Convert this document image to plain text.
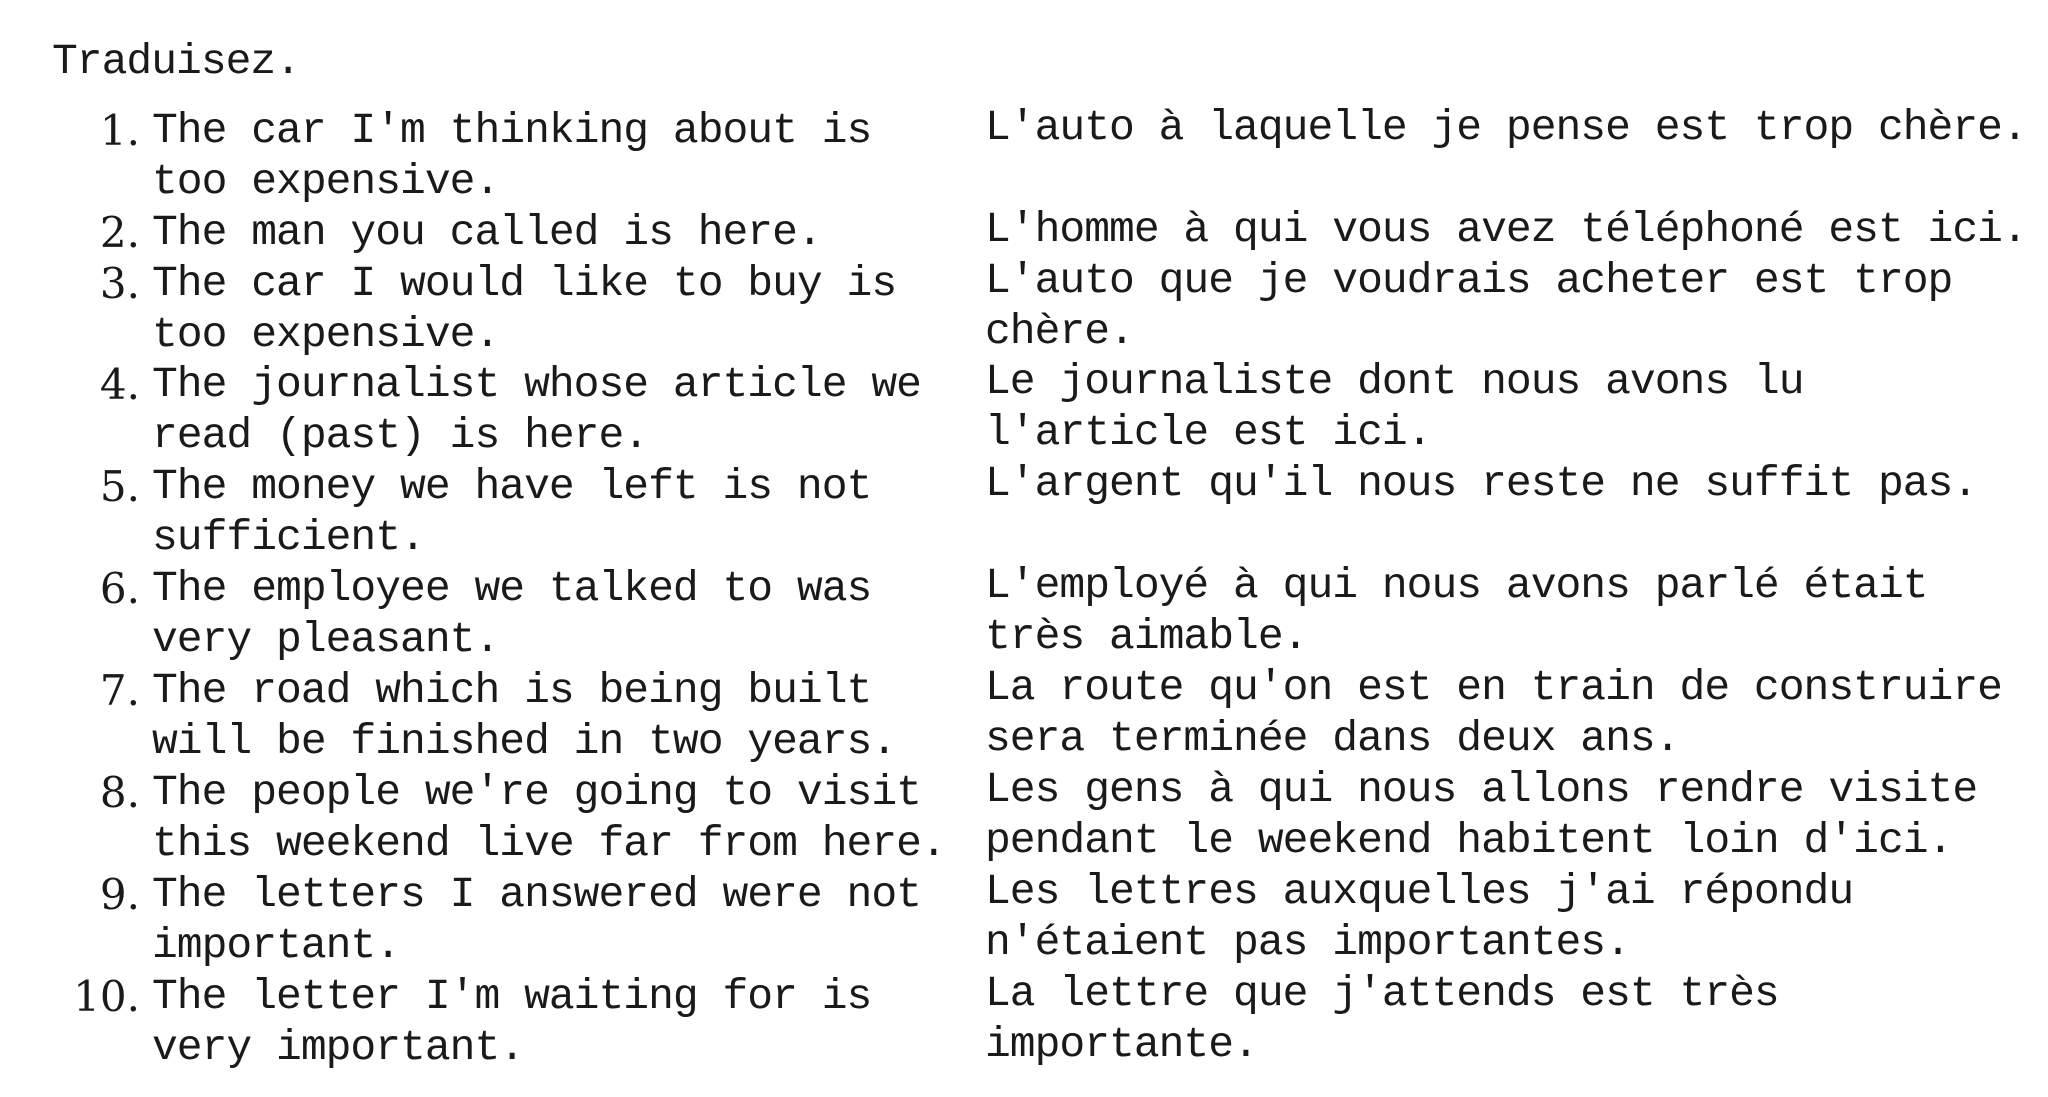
Traduisez.
1. The car I'm thinking about is
too expensive.
L'auto à laquelle je pense est trop chère.
2. The man you called is here.	L'homme à qui vous avez téléphoné est ici.
3. The car I would like to buy is
too expensive.
L'auto que je voudrais acheter est trop
chère.
4. The journalist whose article we
read (past) is here.
Le journaliste dont nous avons lu
l'article est ici.
5. The money we have left is not
sufficient.
L'argent qu'il nous reste ne suffit pas.
6. The employee we talked to was
very pleasant.
L'employé à qui nous avons parlé était
très aimable.
7. The road which is being built
will be finished in two years.
La route qu'on est en train de construire
sera terminée dans deux ans.
8. The people we're going to visit
this weekend live far from here.
Les gens à qui nous allons rendre visite
pendant le weekend habitent loin d'ici.
9. The letters I answered were not
important.
Les lettres auxquelles j'ai répondu
n'étaient pas importantes.
10. The letter I'm waiting for is
very important.
La lettre que j'attends est très
importante.
